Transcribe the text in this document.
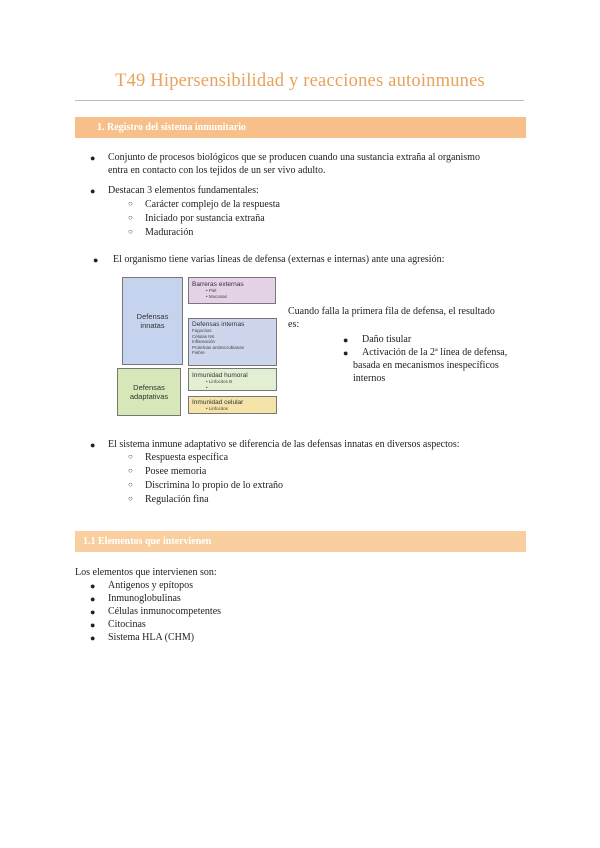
T49 Hipersensibilidad y reacciones autoinmunes
1. Registro del sistema inmunitario
● Conjunto de procesos biológicos que se producen cuando una sustancia extraña al organismo
entra en contacto con los tejidos de un ser vivo adulto.
● Destacan 3 elementos fundamentales:
○ Carácter complejo de la respuesta
○ Iniciado por sustancia extraña
○ Maduración
● El organismo tiene varias líneas de defensa (externas e internas) ante una agresión:
Defensas innatas
Defensas adaptativas
Barreras externas
• Piel
• Mucosas
Defensas internas
Fagocitos
Células NK
Inflamación
Proteínas antimicrobianas
Fiebre
Inmunidad humoral
• Linfocitos B
•
Inmunidad celular
• Linfocitos
Cuando falla la primera fila de defensa, el resultado
es:
● Daño tisular
● Activación de la 2ª línea de defensa,
basada en mecanismos inespecíficos
internos
● El sistema inmune adaptativo se diferencia de las defensas innatas en diversos aspectos:
○ Respuesta específica
○ Posee memoria
○ Discrimina lo propio de lo extraño
○ Regulación fina
1.1 Elementos que intervienen
Los elementos que intervienen son:
● Antígenos y epítopos
● Inmunoglobulinas
● Células inmunocompetentes
● Citocinas
● Sistema HLA (CHM)
